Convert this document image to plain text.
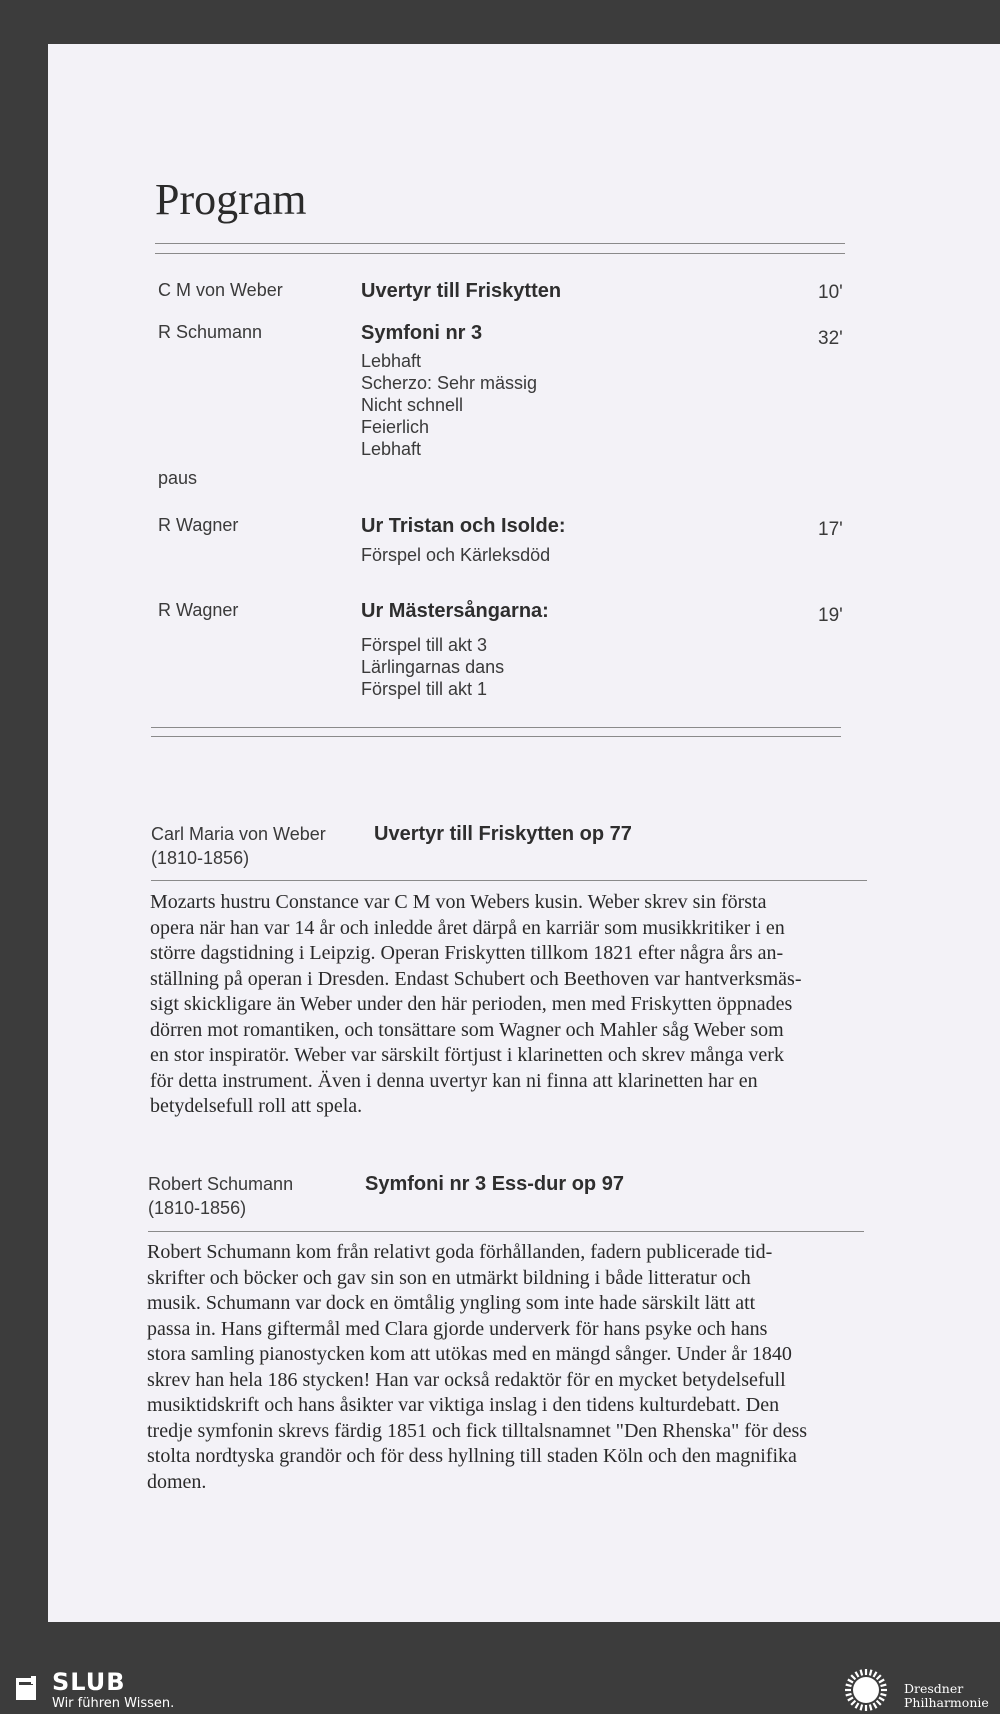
Program
C M von Weber	Uvertyr till Friskytten	10'
R Schumann	Symfoni nr 3	32'
Lebhaft
Scherzo: Sehr mässig
Nicht schnell
Feierlich
Lebhaft
paus
R Wagner	Ur Tristan och Isolde:	17'
Förspel och Kärleksdöd
R Wagner	Ur Mästersångarna:	19'
Förspel till akt 3
Lärlingarnas dans
Förspel till akt 1
Carl Maria von Weber
(1810-1856)
Uvertyr till Friskytten op 77
Mozarts hustru Constance var C M von Webers kusin. Weber skrev sin första
opera när han var 14 år och inledde året därpå en karriär som musikkritiker i en
större dagstidning i Leipzig. Operan Friskytten tillkom 1821 efter några års an-
ställning på operan i Dresden. Endast Schubert och Beethoven var hantverksmäs-
sigt skickligare än Weber under den här perioden, men med Friskytten öppnades
dörren mot romantiken, och tonsättare som Wagner och Mahler såg Weber som
en stor inspiratör. Weber var särskilt förtjust i klarinetten och skrev många verk
för detta instrument. Även i denna uvertyr kan ni finna att klarinetten har en
betydelsefull roll att spela.
Robert Schumann
(1810-1856)
Symfoni nr 3 Ess-dur op 97
Robert Schumann kom från relativt goda förhållanden, fadern publicerade tid-
skrifter och böcker och gav sin son en utmärkt bildning i både litteratur och
musik. Schumann var dock en ömtålig yngling som inte hade särskilt lätt att
passa in. Hans giftermål med Clara gjorde underverk för hans psyke och hans
stora samling pianostycken kom att utökas med en mängd sånger. Under år 1840
skrev han hela 186 stycken! Han var också redaktör för en mycket betydelsefull
musiktidskrift och hans åsikter var viktiga inslag i den tidens kulturdebatt. Den
tredje symfonin skrevs färdig 1851 och fick tilltalsnamnet "Den Rhenska" för dess
stolta nordtyska grandör och för dess hyllning till staden Köln och den magnifika
domen.
SLUB
Wir führen Wissen.
Dresdner
Philharmonie
